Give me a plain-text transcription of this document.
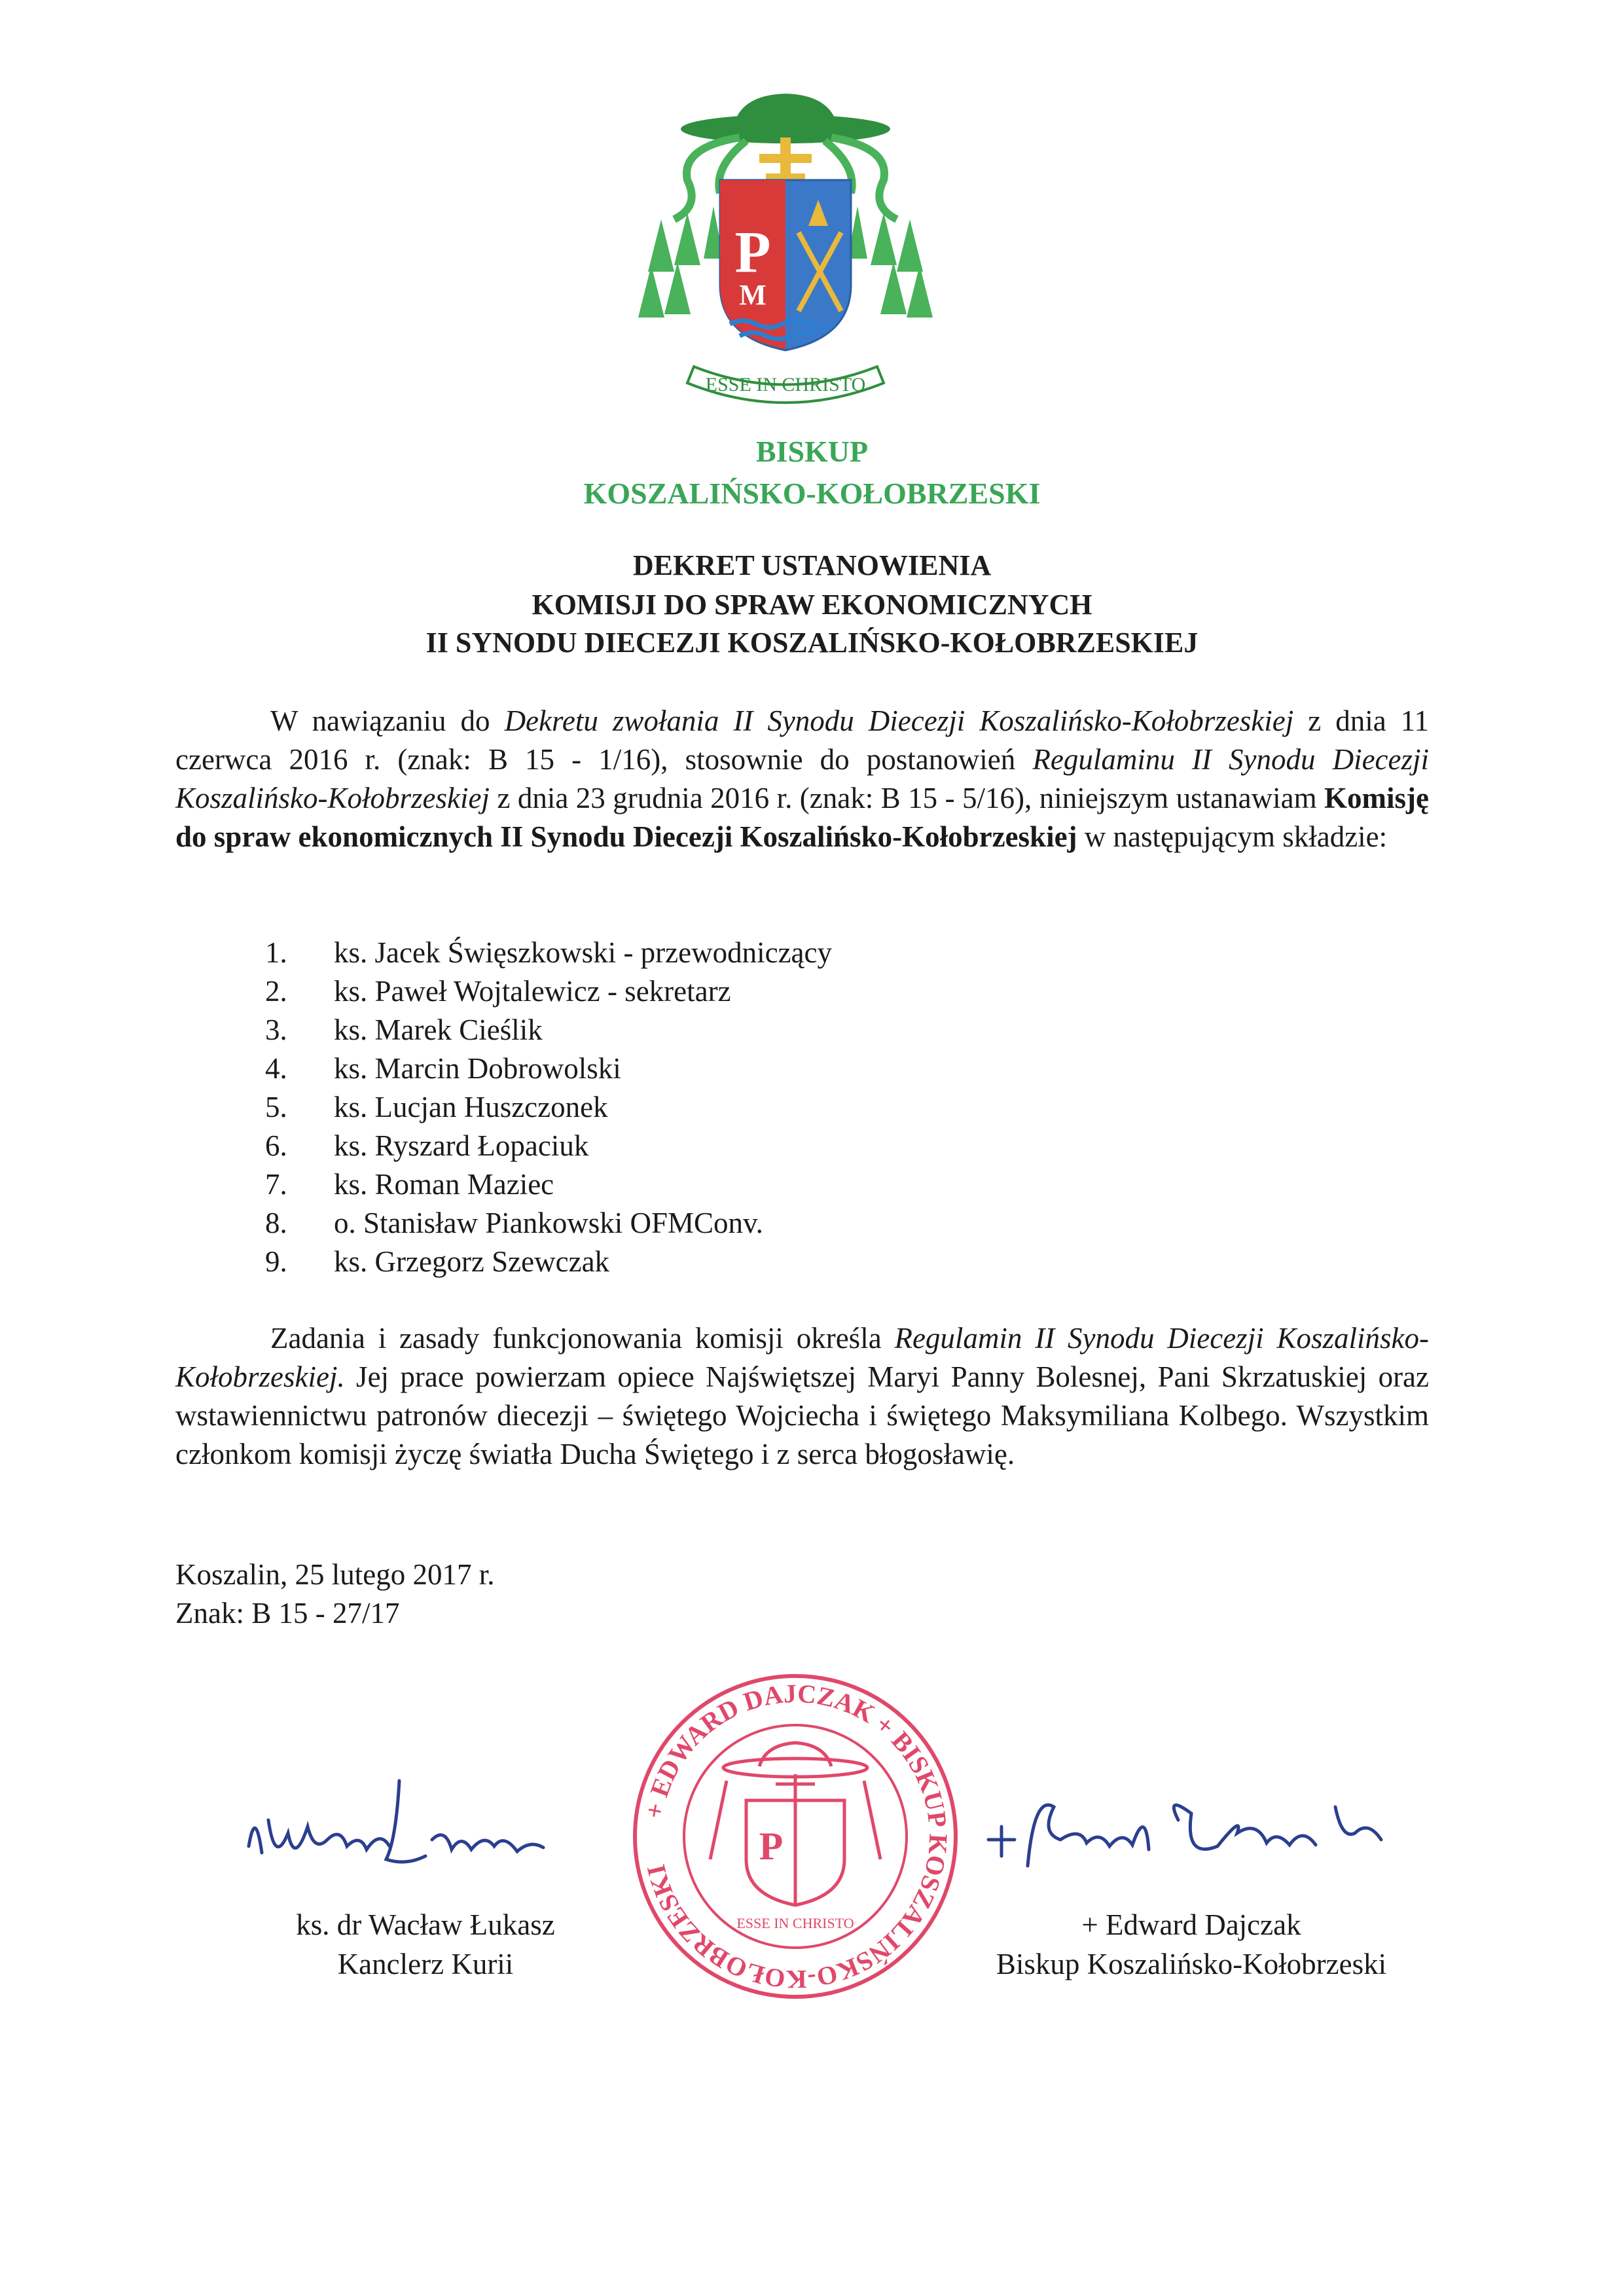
P
M
ESSE IN CHRISTO
BISKUP
KOSZALIŃSKO-KOŁOBRZESKI
DEKRET USTANOWIENIA
KOMISJI DO SPRAW EKONOMICZNYCH
II SYNODU DIECEZJI KOSZALIŃSKO-KOŁOBRZESKIEJ

W nawiązaniu do Dekretu zwołania II Synodu Diecezji Koszalińsko-Kołobrzeskiej z dnia 11 czerwca 2016 r. (znak: B 15 - 1/16), stosownie do postanowień Regulaminu II Synodu Diecezji Koszalińsko-Kołobrzeskiej z dnia 23 grudnia 2016 r. (znak: B 15 - 5/16), niniejszym ustanawiam Komisję do spraw ekonomicznych II Synodu Diecezji Koszalińsko-Kołobrzeskiej w następującym składzie:

1. ks. Jacek Święszkowski - przewodniczący
2. ks. Paweł Wojtalewicz - sekretarz
3. ks. Marek Cieślik
4. ks. Marcin Dobrowolski
5. ks. Lucjan Huszczonek
6. ks. Ryszard Łopaciuk
7. ks. Roman Maziec
8. o. Stanisław Piankowski OFMConv.
9. ks. Grzegorz Szewczak

Zadania i zasady funkcjonowania komisji określa Regulamin II Synodu Diecezji Koszalińsko-Kołobrzeskiej. Jej prace powierzam opiece Najświętszej Maryi Panny Bolesnej, Pani Skrzatuskiej oraz wstawiennictwu patronów diecezji – świętego Wojciecha i świętego Maksymiliana Kolbego. Wszystkim członkom komisji życzę światła Ducha Świętego i z serca błogosławię.

Koszalin, 25 lutego 2017 r.
Znak: B 15 - 27/17
+ EDWARD DAJCZAK + BISKUP KOSZALIŃSKO-KOŁOBRZESKI
P
ESSE IN CHRISTO
ks. dr Wacław Łukasz
Kanclerz Kurii
+ Edward Dajczak
Biskup Koszalińsko-Kołobrzeski
